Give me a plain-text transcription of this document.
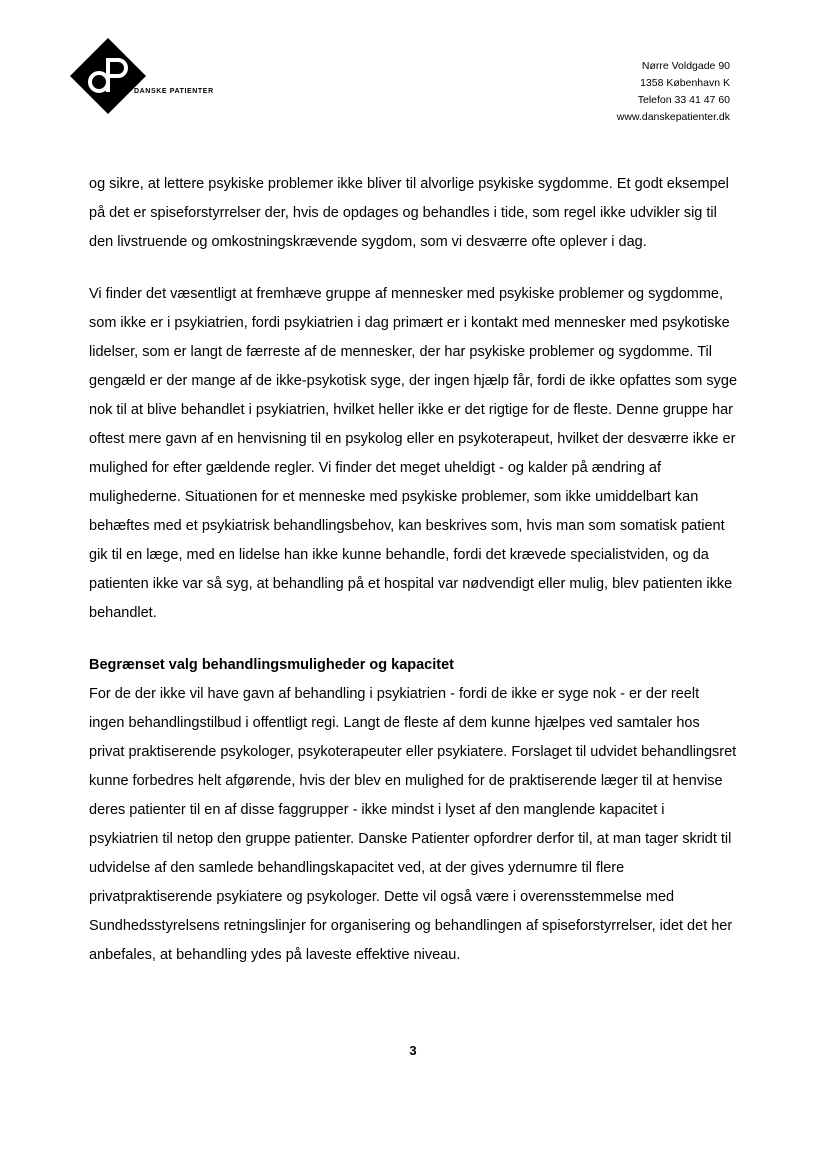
DANSKE PATIENTER
Nørre Voldgade 90
1358 København K
Telefon 33 41 47 60
www.danskepatienter.dk

og sikre, at lettere psykiske problemer ikke bliver til alvorlige psykiske sygdomme. Et godt eksempel på det er spiseforstyrrelser der, hvis de opdages og behandles i tide, som regel ikke udvikler sig til den livstruende og omkostningskrævende sygdom, som vi desværre ofte oplever i dag.

Vi finder det væsentligt at fremhæve gruppe af mennesker med psykiske problemer og sygdomme, som ikke er i psykiatrien, fordi psykiatrien i dag primært er i kontakt med mennesker med psykotiske lidelser, som er langt de færreste af de mennesker, der har psykiske problemer og sygdomme. Til gengæld er der mange af de ikke-psykotisk syge, der ingen hjælp får, fordi de ikke opfattes som syge nok til at blive behandlet i psykiatrien, hvilket heller ikke er det rigtige for de fleste. Denne gruppe har oftest mere gavn af en henvisning til en psykolog eller en psykoterapeut, hvilket der desværre ikke er mulighed for efter gældende regler. Vi finder det meget uheldigt - og kalder på ændring af mulighederne. Situationen for et menneske med psykiske problemer, som ikke umiddelbart kan behæftes med et psykiatrisk behandlingsbehov, kan beskrives som, hvis man som somatisk patient gik til en læge, med en lidelse han ikke kunne behandle, fordi det krævede specialistviden, og da patienten ikke var så syg, at behandling på et hospital var nødvendigt eller mulig, blev patienten ikke behandlet.

Begrænset valg behandlingsmuligheder og kapacitet

For de der ikke vil have gavn af behandling i psykiatrien - fordi de ikke er syge nok - er der reelt ingen behandlingstilbud i offentligt regi. Langt de fleste af dem kunne hjælpes ved samtaler hos privat praktiserende psykologer, psykoterapeuter eller psykiatere. Forslaget til udvidet behandlingsret kunne forbedres helt afgørende, hvis der blev en mulighed for de praktiserende læger til at henvise deres patienter til en af disse faggrupper - ikke mindst i lyset af den manglende kapacitet i psykiatrien til netop den gruppe patienter. Danske Patienter opfordrer derfor til, at man tager skridt til udvidelse af den samlede behandlingskapacitet ved, at der gives ydernumre til flere privatpraktiserende psykiatere og psykologer. Dette vil også være i overensstemmelse med Sundhedsstyrelsens retningslinjer for organisering og behandlingen af spiseforstyrrelser, idet det her anbefales, at behandling ydes på laveste effektive niveau.

3
